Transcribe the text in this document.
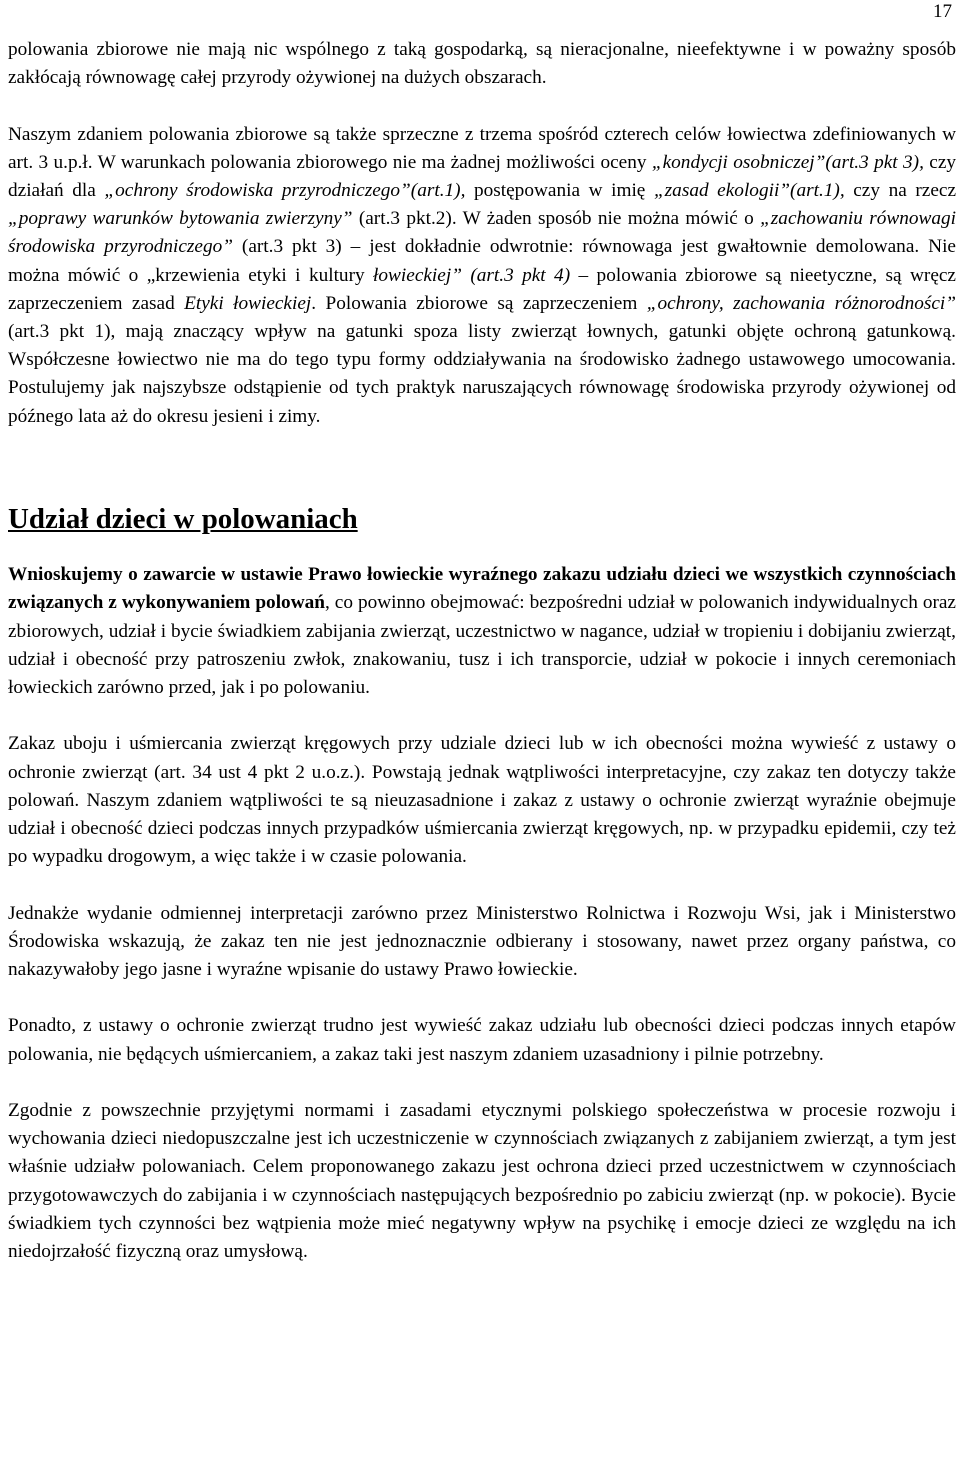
17

polowania zbiorowe nie mają nic wspólnego z taką gospodarką, są nieracjonalne, nieefektywne i w poważny sposób zakłócają równowagę całej przyrody ożywionej na dużych obszarach.

Naszym zdaniem polowania zbiorowe są także sprzeczne z trzema spośród czterech celów łowiectwa zdefiniowanych w art. 3 u.p.ł. W warunkach polowania zbiorowego nie ma żadnej możliwości oceny „kondycji osobniczej”(art.3 pkt 3), czy działań dla „ochrony środowiska przyrodniczego”(art.1), postępowania w imię „zasad ekologii”(art.1), czy na rzecz „poprawy warunków bytowania zwierzyny” (art.3 pkt.2). W żaden sposób nie można mówić o „zachowaniu równowagi środowiska przyrodniczego” (art.3 pkt 3) – jest dokładnie odwrotnie: równowaga jest gwałtownie demolowana. Nie można mówić o „krzewienia etyki i kultury łowieckiej” (art.3 pkt 4) – polowania zbiorowe są nieetyczne, są wręcz zaprzeczeniem zasad Etyki łowieckiej. Polowania zbiorowe są zaprzeczeniem „ochrony, zachowania różnorodności” (art.3 pkt 1), mają znaczący wpływ na gatunki spoza listy zwierząt łownych, gatunki objęte ochroną gatunkową. Współczesne łowiectwo nie ma do tego typu formy oddziaływania na środowisko żadnego ustawowego umocowania. Postulujemy jak najszybsze odstąpienie od tych praktyk naruszających równowagę środowiska przyrody ożywionej od późnego lata aż do okresu jesieni i zimy.

Udział dzieci w polowaniach

Wnioskujemy o zawarcie w ustawie Prawo łowieckie wyraźnego zakazu udziału dzieci we wszystkich czynnościach związanych z wykonywaniem polowań, co powinno obejmować: bezpośredni udział w polowanich indywidualnych oraz zbiorowych, udział i bycie świadkiem zabijania zwierząt, uczestnictwo w nagance, udział w tropieniu i dobijaniu zwierząt, udział i obecność przy patroszeniu zwłok, znakowaniu, tusz i ich transporcie, udział w pokocie i innych ceremoniach łowieckich zarówno przed, jak i po polowaniu.

Zakaz uboju i uśmiercania zwierząt kręgowych przy udziale dzieci lub w ich obecności można wywieść z ustawy o ochronie zwierząt (art. 34 ust 4 pkt 2 u.o.z.). Powstają jednak wątpliwości interpretacyjne, czy zakaz ten dotyczy także polowań. Naszym zdaniem wątpliwości te są nieuzasadnione i zakaz z ustawy o ochronie zwierząt wyraźnie obejmuje udział i obecność dzieci podczas innych przypadków uśmiercania zwierząt kręgowych, np. w przypadku epidemii, czy też po wypadku drogowym, a więc także i w czasie polowania.

Jednakże wydanie odmiennej interpretacji zarówno przez Ministerstwo Rolnictwa i Rozwoju Wsi, jak i Ministerstwo Środowiska wskazują, że zakaz ten nie jest jednoznacznie odbierany i stosowany, nawet przez organy państwa, co nakazywałoby jego jasne i wyraźne wpisanie do ustawy Prawo łowieckie.

Ponadto, z ustawy o ochronie zwierząt trudno jest wywieść zakaz udziału lub obecności dzieci podczas innych etapów polowania, nie będących uśmiercaniem, a zakaz taki jest naszym zdaniem uzasadniony i pilnie potrzebny.

Zgodnie z powszechnie przyjętymi normami i zasadami etycznymi polskiego społeczeństwa w procesie rozwoju i wychowania dzieci niedopuszczalne jest ich uczestniczenie w czynnościach związanych z zabijaniem zwierząt, a tym jest właśnie udziałw polowaniach. Celem proponowanego zakazu jest ochrona dzieci przed uczestnictwem w czynnościach przygotowawczych do zabijania i w czynnościach następujących bezpośrednio po zabiciu zwierząt (np. w pokocie). Bycie świadkiem tych czynności bez wątpienia może mieć negatywny wpływ na psychikę i emocje dzieci ze względu na ich niedojrzałość fizyczną oraz umysłową.
